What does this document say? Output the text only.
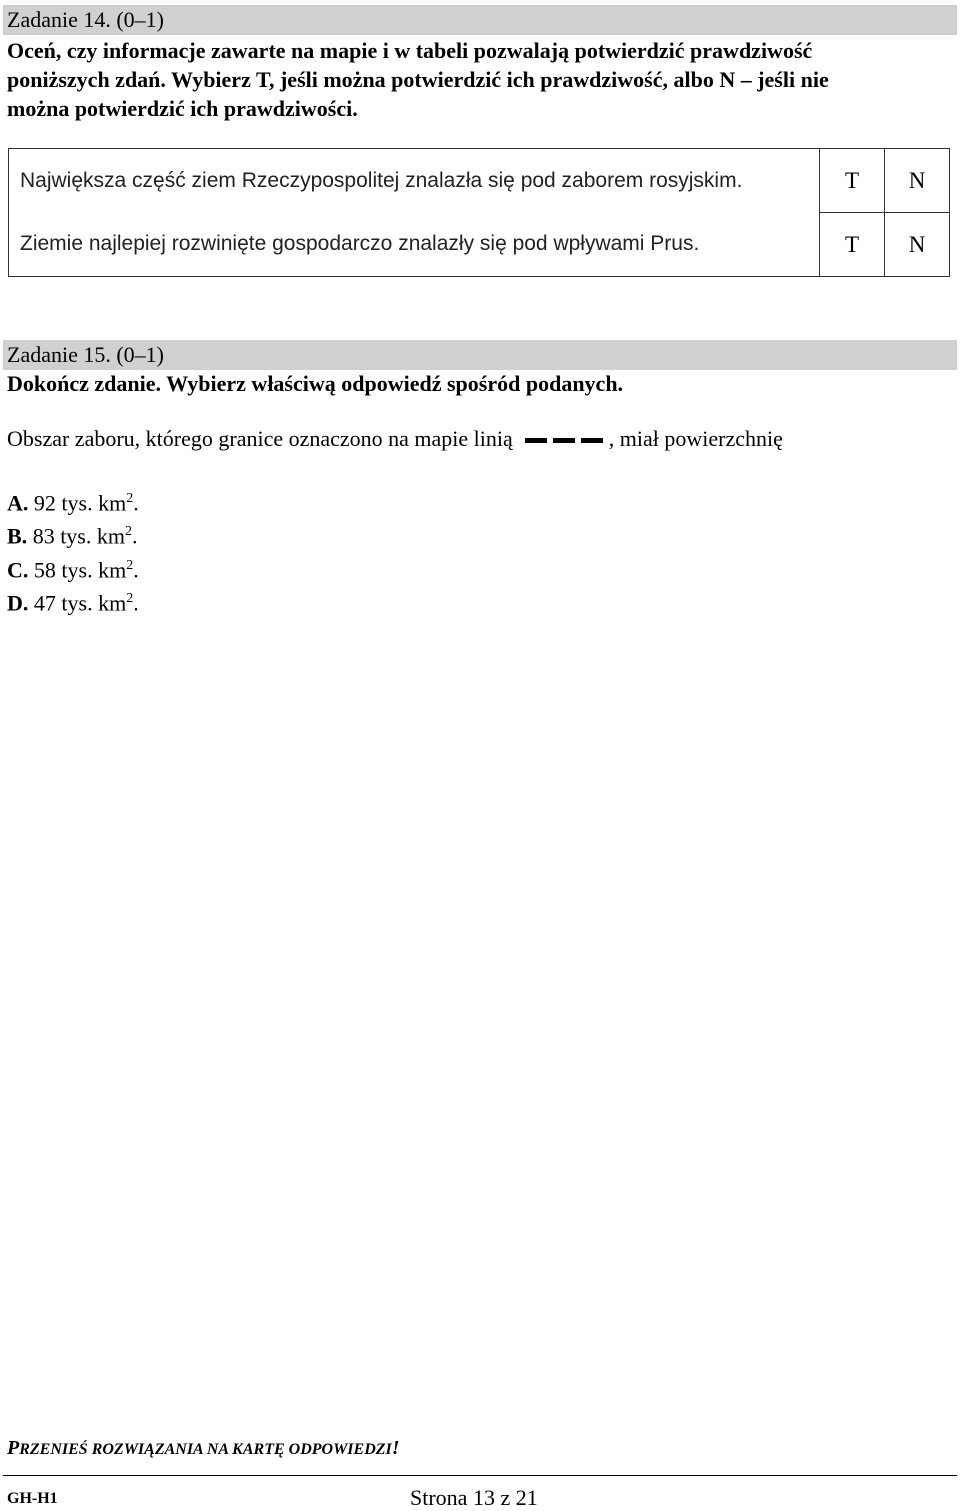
Zadanie 14. (0–1)
Oceń, czy informacje zawarte na mapie i w tabeli pozwalają potwierdzić prawdziwość
poniższych zdań. Wybierz T, jeśli można potwierdzić ich prawdziwość, albo N – jeśli nie
można potwierdzić ich prawdziwości.
Największa część ziem Rzeczypospolitej znalazła się pod zaborem rosyjskim.	T	N
Ziemie najlepiej rozwinięte gospodarczo znalazły się pod wpływami Prus.	T	N
Zadanie 15. (0–1)
Dokończ zdanie. Wybierz właściwą odpowiedź spośród podanych.
Obszar zaboru, którego granice oznaczono na mapie linią	, miał powierzchnię
A. 92 tys. $km^2$.
B. 83 tys. $km^2$.
C. 58 tys. $km^2$.
D. 47 tys. $km^2$.
PRZENIEŚ ROZWIĄZANIA NA KARTĘ ODPOWIEDZI!
GH-H1	Strona 13 z 21
